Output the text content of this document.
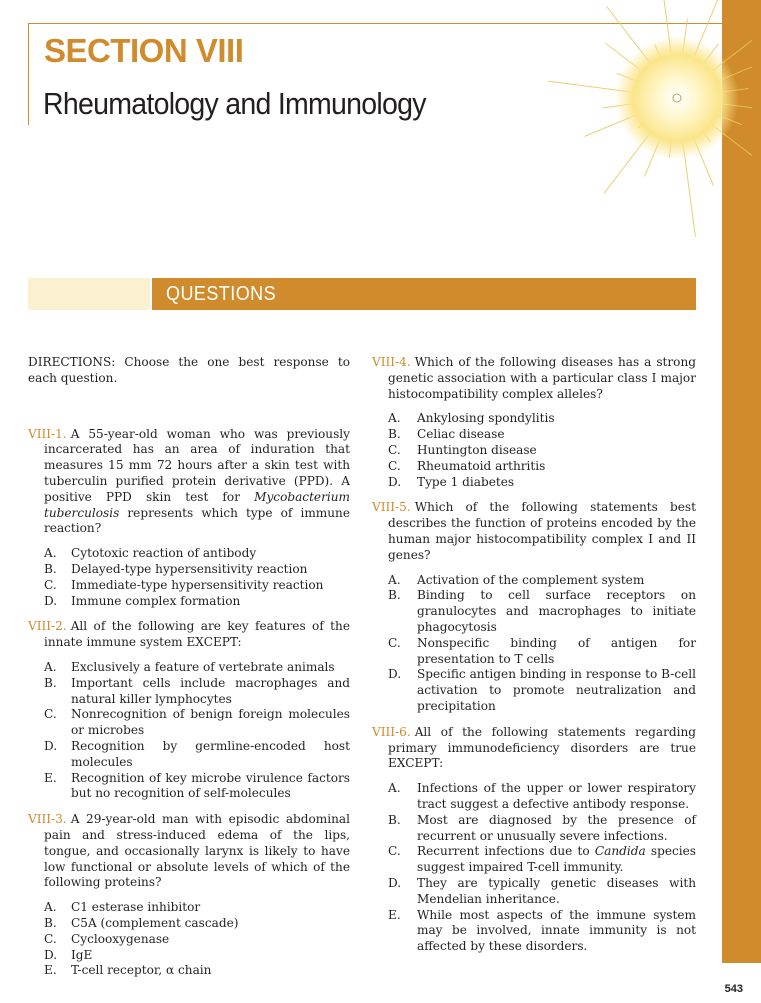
543
SECTION VIII
Rheumatology and Immunology
QUESTIONS

DIRECTIONS: Choose the one best response to each question.

VIII-1. A 55-year-old woman who was previously incarcerated has an area of induration that measures 15 mm 72 hours after a skin test with tuberculin purified protein derivative (PPD). A positive PPD skin test for Mycobacterium tuberculosis represents which type of immune reaction?

A.	Cytotoxic reaction of antibody
B.	Delayed-type hypersensitivity reaction
C.	Immediate-type hypersensitivity reaction
D.	Immune complex formation

VIII-2. All of the following are key features of the innate immune system EXCEPT:

A.	Exclusively a feature of vertebrate animals
B.	Important cells include macrophages and natural killer lymphocytes
C.	Nonrecognition of benign foreign molecules or microbes
D.	Recognition by germline-encoded host molecules
E.	Recognition of key microbe virulence factors but no recognition of self-molecules

VIII-3. A 29-year-old man with episodic abdominal pain and stress-induced edema of the lips, tongue, and occasionally larynx is likely to have low functional or absolute levels of which of the following proteins?

A.	C1 esterase inhibitor
B.	C5A (complement cascade)
C.	Cyclooxygenase
D.	IgE
E.	T-cell receptor, α chain

VIII-4. Which of the following diseases has a strong genetic association with a particular class I major histocompatibility complex alleles?

A.	Ankylosing spondylitis
B.	Celiac disease
C.	Huntington disease
C.	Rheumatoid arthritis
D.	Type 1 diabetes

VIII-5. Which of the following statements best describes the function of proteins encoded by the human major histocompatibility complex I and II genes?

A.	Activation of the complement system
B.	Binding to cell surface receptors on granulocytes and macrophages to initiate phagocytosis
C.	Nonspecific binding of antigen for presentation to T cells
D.	Specific antigen binding in response to B-cell activation to promote neutralization and precipitation

VIII-6. All of the following statements regarding primary immunodeficiency disorders are true EXCEPT:

A.	Infections of the upper or lower respiratory tract suggest a defective antibody response.
B.	Most are diagnosed by the presence of recurrent or unusually severe infections.
C.	Recurrent infections due to Candida species suggest impaired T-cell immunity.
D.	They are typically genetic diseases with Mendelian inheritance.
E.	While most aspects of the immune system may be involved, innate immunity is not affected by these disorders.
